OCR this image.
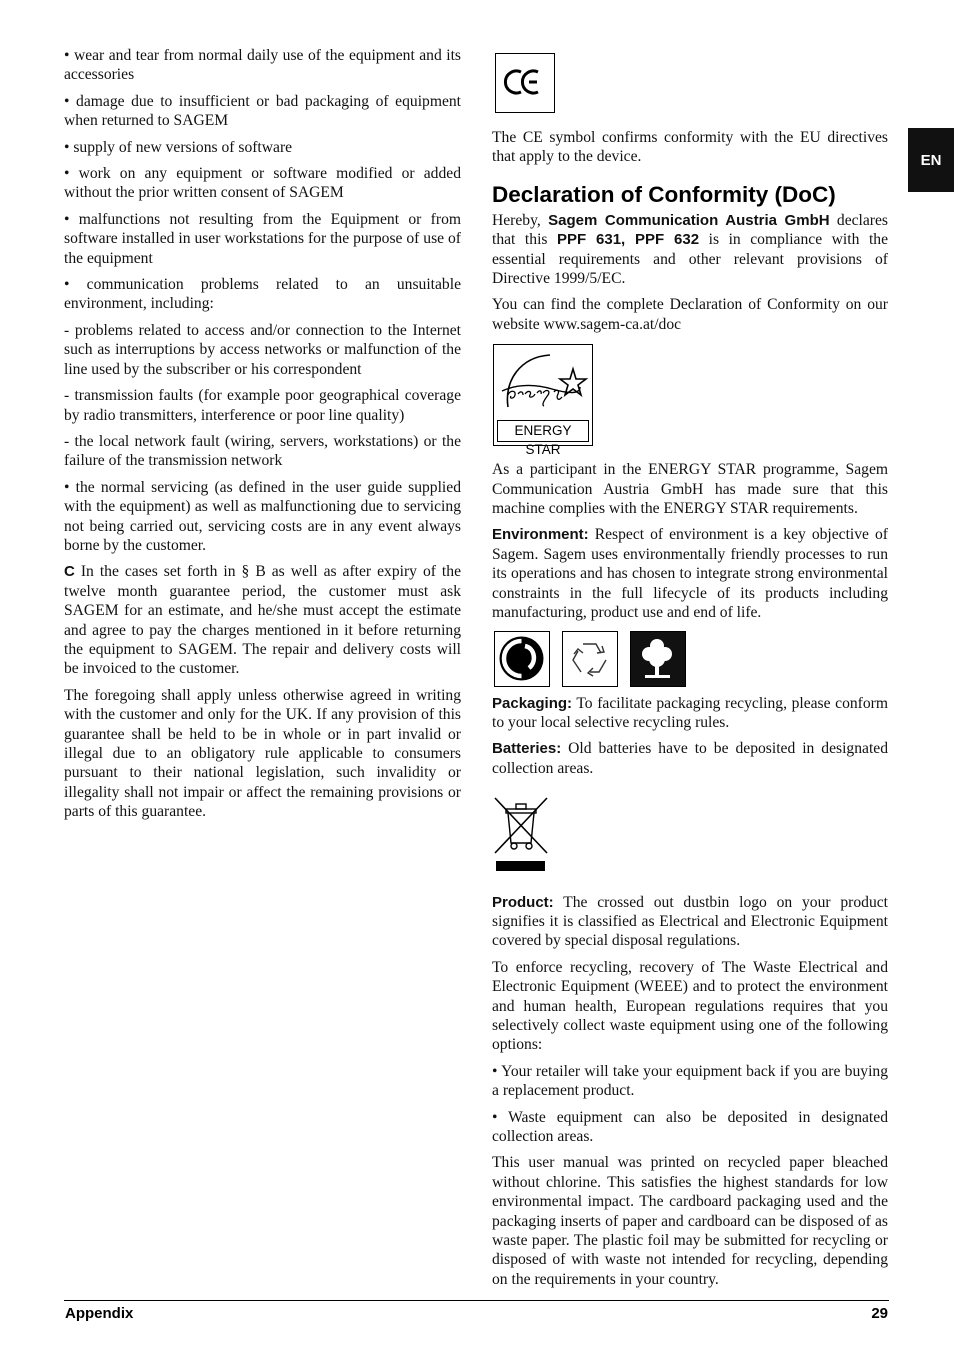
EN

• wear and tear from normal daily use of the equipment and its accessories

• damage due to insufficient or bad packaging of equipment when returned to SAGEM

• supply of new versions of software

• work on any equipment or software modified or added without the prior written consent of SAGEM

• malfunctions not resulting from the Equipment or from software installed in user workstations for the purpose of use of the equipment

• communication problems related to an unsuitable environment, including:

- problems related to access and/or connection to the Internet such as interruptions by access networks or malfunction of the line used by the subscriber or his correspondent

- transmission faults (for example poor geographical coverage by radio transmitters, interference or poor line quality)

- the local network fault (wiring, servers, workstations) or the failure of the transmission network

• the normal servicing (as defined in the user guide supplied with the equipment) as well as malfunctioning due to servicing not being carried out, servicing costs are in any event always borne by the customer.

C In the cases set forth in § B as well as after expiry of the twelve month guarantee period, the customer must ask SAGEM for an estimate, and he/she must accept the estimate and agree to pay the charges mentioned in it before returning the equipment to SAGEM. The repair and delivery costs will be invoiced to the customer.

The foregoing shall apply unless otherwise agreed in writing with the customer and only for the UK. If any provision of this guarantee shall be held to be in whole or in part invalid or illegal due to an obligatory rule applicable to consumers pursuant to their national legislation, such invalidity or illegality shall not impair or affect the remaining provisions or parts of this guarantee.

The CE symbol confirms conformity with the EU directives that apply to the device.

Declaration of Conformity (DoC)

Hereby, Sagem Communication Austria GmbH declares that this PPF 631, PPF 632 is in compliance with the essential requirements and other relevant provisions of Directive 1999/5/EC.

You can find the complete Declaration of Conformity on our website www.sagem-ca.at/doc

ENERGY STAR

As a participant in the ENERGY STAR programme, Sagem Communication Austria GmbH has made sure that this machine complies with the ENERGY STAR requirements.

Environment: Respect of environment is a key objective of Sagem. Sagem uses environmentally friendly processes to run its operations and has chosen to integrate strong environmental constraints in the full lifecycle of its products including manufacturing, product use and end of life.

Packaging: To facilitate packaging recycling, please conform to your local selective recycling rules.

Batteries: Old batteries have to be deposited in designated collection areas.

Product: The crossed out dustbin logo on your product signifies it is classified as Electrical and Electronic Equipment covered by special disposal regulations.

To enforce recycling, recovery of The Waste Electrical and Electronic Equipment (WEEE) and to protect the environment and human health, European regulations requires that you selectively collect waste equipment using one of the following options:

• Your retailer will take your equipment back if you are buying a replacement product.

• Waste equipment can also be deposited in designated collection areas.

This user manual was printed on recycled paper bleached without chlorine. This satisfies the highest standards for low environmental impact. The cardboard packaging used and the packaging inserts of paper and cardboard can be disposed of as waste paper. The plastic foil may be submitted for recycling or disposed of with waste not intended for recycling, depending on the requirements in your country.

Appendix	29
